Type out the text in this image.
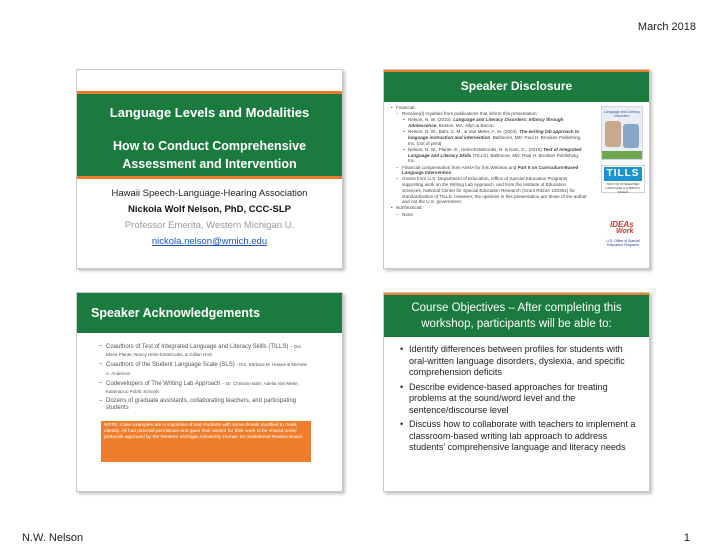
March 2018
Language Levels and Modalities
How to Conduct Comprehensive
Assessment and Intervention
Hawaii Speech-Language-Hearing Association
Nickola Wolf Nelson, PhD, CCC-SLP
Professor Emerita, Western Michigan U.
nickola.nelson@wmich.edu
Speaker Disclosure
• Financial:
– Receive(d) royalties from publications that inform this presentation:
• Nelson, N. W. (2010). Language and Literacy Disorders: Infancy through Adolescence. Boston, MA: Allyn & Bacon.
• Nelson, N. W., Bahr, C. M., & Van Meter, A. M. (2004). The writing lab approach to language instruction and intervention. Baltimore, MD: Paul H. Brookes Publishing, Inc. (out of print)
• Nelson, N. W., Plante, E., Helm-Estabrooks, N. & Hotz, G., (2016) Test of Integrated Language and Literacy Skills (TILLS). Baltimore, MD: Paul H. Brookes Publishing, Inc.
– Financial compensation from ASHA for this Webinar and Part II on Curriculum-Based Language Intervention
– Grants from U.S. Department of Education, Office of Special Education Programs supporting work on the Writing Lab Approach, and from the Institute of Education Sciences, National Center for Special Education Research (Grant R324A 100354) for standardization of TILLS. However, the opinions in this presentation are those of the author and not the U.S. government.
• Nonfinancial:
– None
Language and Literacy Disorders
TILLS
TEST OF INTEGRATED LANGUAGE & LITERACY SKILLS
IDEAs
Work
U.S. Office of Special Education Programs
Speaker Acknowledgements
– Coauthors of Test of Integrated Language and Literacy Skills (TILLS) – Drs. Elena Plante; Nancy Helm-Estabrooks, & Gillian Hotz
– Coauthors of the Student Language Scale (SLS) - Drs. Barbara M. Howes & Michele A. Anderson
– Codevelopers of The Writing Lab Approach – Dr. Christine Bahr; Adelia Van Meter, Kalamazoo Public Schools
– Dozens of graduate assistants, collaborating teachers, and participating students
NOTE: Case examples are composites of real students with some details modified to mask identity. All had parental permission and gave their assent for their work to be shared under protocols approved by the Western Michigan University Human Ss Institutional Review Board.
Course Objectives – After completing this
workshop, participants will be able to:
• Identify differences between profiles for students with oral-written language disorders, dyslexia, and specific comprehension deficits
• Describe evidence-based approaches for treating problems at the sound/word level and the sentence/discourse level
• Discuss how to collaborate with teachers to implement a classroom-based writing lab approach to address students’ comprehensive language and literacy needs
N.W. Nelson	1
